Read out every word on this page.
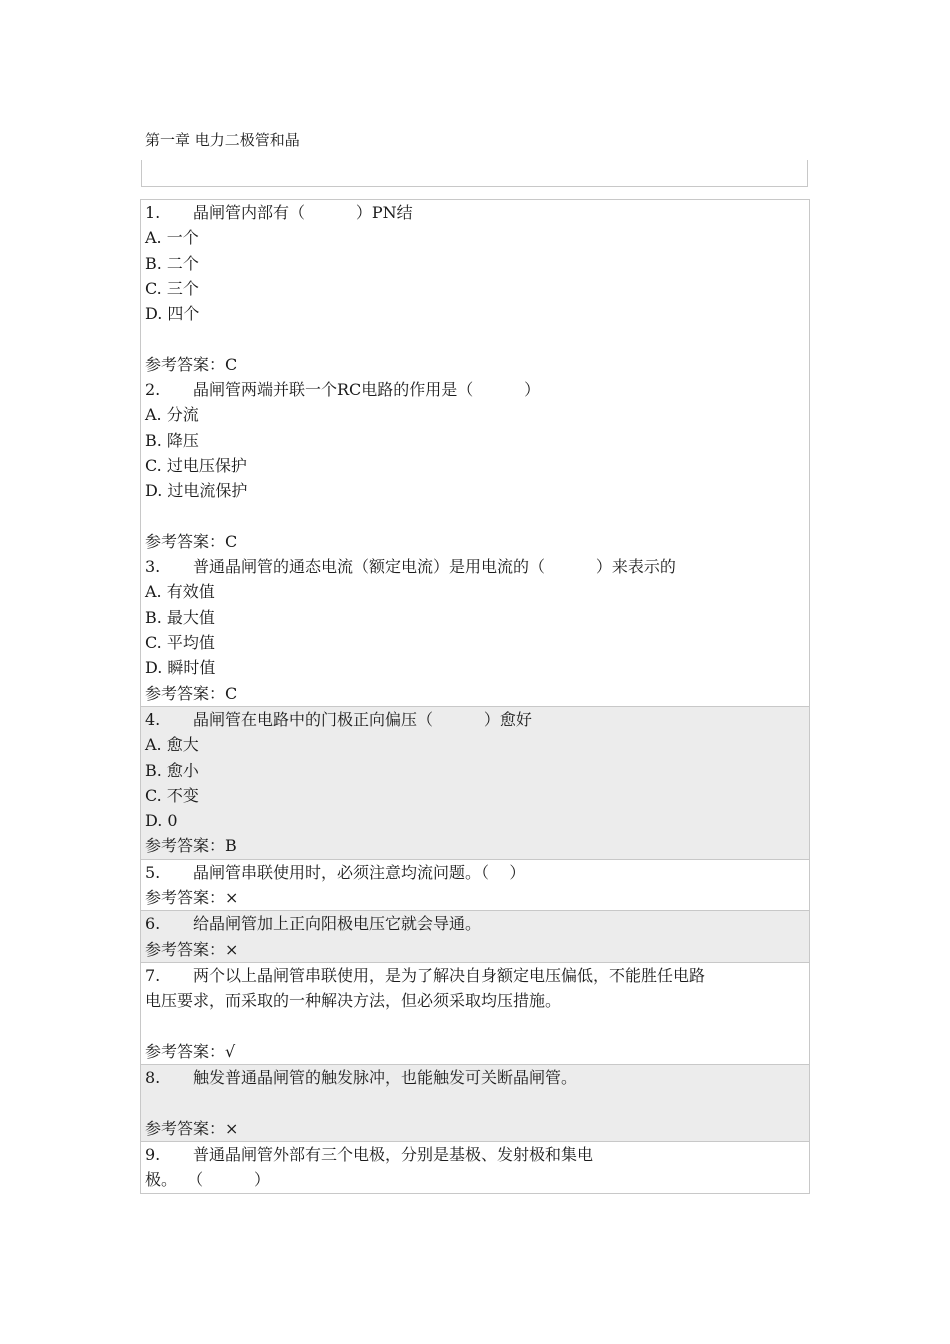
第一章 电力二极管和晶
1. 晶闸管内部有（          ）PN结
A. 一个
B. 二个
C. 三个
D. 四个
参考答案：C
2. 晶闸管两端并联一个RC电路的作用是（          ）
A. 分流
B. 降压
C. 过电压保护
D. 过电流保护
参考答案：C
3. 普通晶闸管的通态电流（额定电流）是用电流的（          ）来表示的
A. 有效值
B. 最大值
C. 平均值
D. 瞬时值
参考答案：C
4. 晶闸管在电路中的门极正向偏压（          ）愈好
A. 愈大
B. 愈小
C. 不变
D. 0
参考答案：B
5. 晶闸管串联使用时，必须注意均流问题。（    ）
参考答案：×
6. 给晶闸管加上正向阳极电压它就会导通。
参考答案：×
7. 两个以上晶闸管串联使用，是为了解决自身额定电压偏低，不能胜任电路
电压要求，而采取的一种解决方法，但必须采取均压措施。
参考答案：√
8. 触发普通晶闸管的触发脉冲，也能触发可关断晶闸管。
参考答案：×
9. 普通晶闸管外部有三个电极，分别是基极、发射极和集电
极。  （          ）
